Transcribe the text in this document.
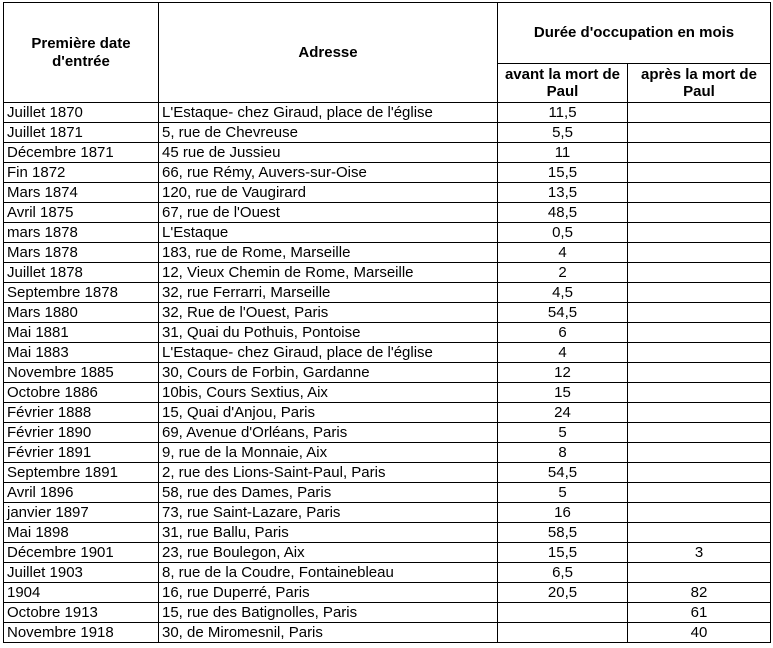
Première date d'entrée	Adresse	Durée d'occupation en mois	
		avant la mort de Paul	après la mort de Paul
Juillet 1870	L'Estaque- chez Giraud, place de l'église	11,5	
Juillet 1871	5, rue de Chevreuse	5,5	
Décembre 1871	45 rue de Jussieu	11	
Fin 1872	66, rue Rémy, Auvers-sur-Oise	15,5	
Mars 1874	120, rue de Vaugirard	13,5	
Avril 1875	67, rue de l'Ouest	48,5	
mars 1878	L'Estaque	0,5	
Mars 1878	183, rue de Rome, Marseille	4	
Juillet 1878	12, Vieux Chemin de Rome, Marseille	2	
Septembre 1878	32, rue Ferrarri, Marseille	4,5	
Mars 1880	32, Rue de l'Ouest, Paris	54,5	
Mai 1881	31, Quai du Pothuis, Pontoise	6	
Mai 1883	L'Estaque- chez Giraud, place de l'église	4	
Novembre 1885	30, Cours de Forbin, Gardanne	12	
Octobre 1886	10bis, Cours Sextius, Aix	15	
Février 1888	15, Quai d'Anjou, Paris	24	
Février 1890	69, Avenue d'Orléans, Paris	5	
Février 1891	9, rue de la Monnaie, Aix	8	
Septembre 1891	2, rue des Lions-Saint-Paul, Paris	54,5	
Avril 1896	58, rue des Dames, Paris	5	
janvier 1897	73, rue Saint-Lazare, Paris	16	
Mai 1898	31, rue Ballu, Paris	58,5	
Décembre 1901	23, rue Boulegon, Aix	15,5	3
Juillet 1903	8, rue de la Coudre, Fontainebleau	6,5	
1904	16, rue Duperré, Paris	20,5	82
Octobre 1913	15, rue des Batignolles, Paris		61
Novembre 1918	30, de Miromesnil, Paris		40
